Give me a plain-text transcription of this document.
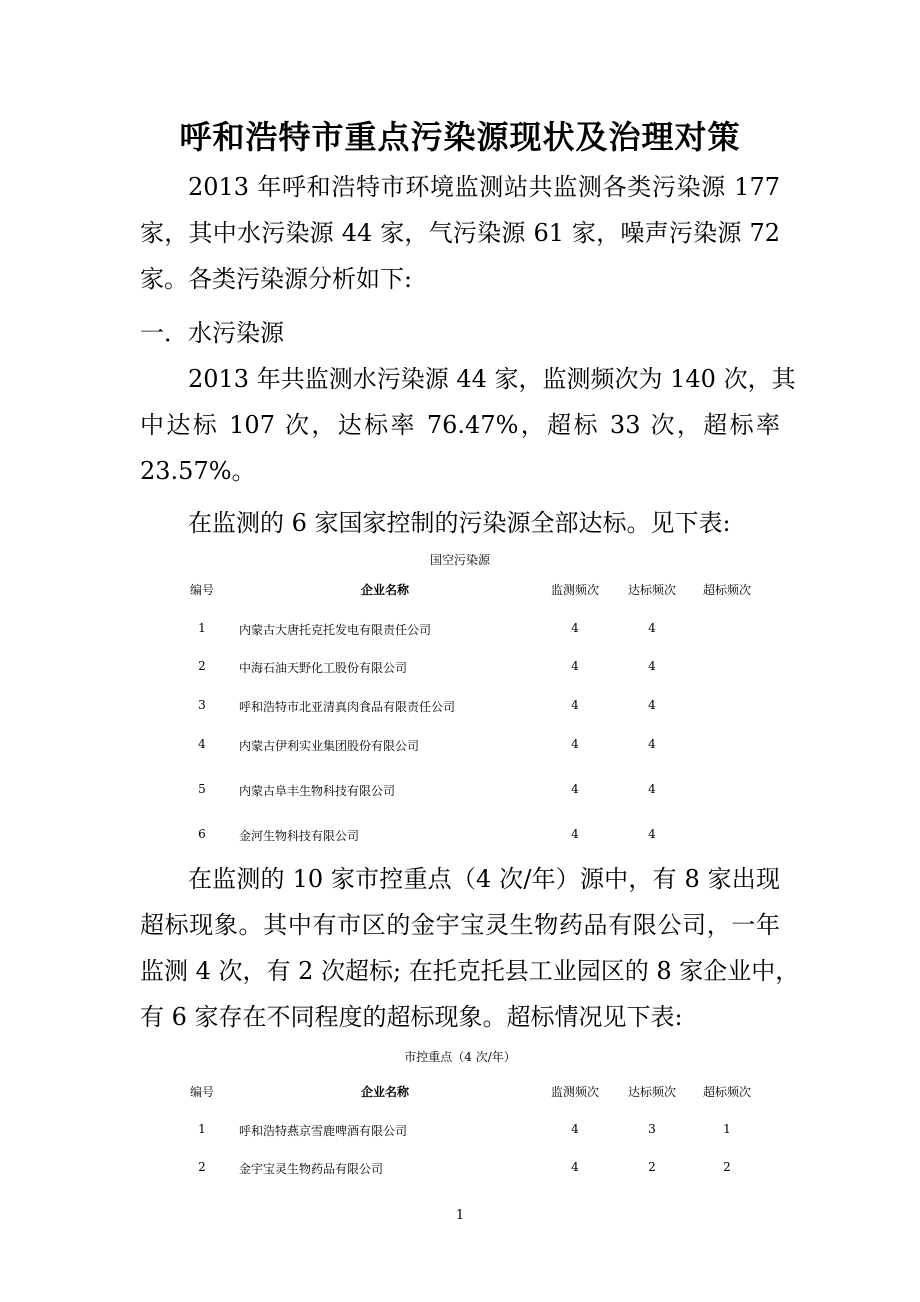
呼和浩特市重点污染源现状及治理对策
2013 年呼和浩特市环境监测站共监测各类污染源 177
家，其中水污染源 44 家，气污染源 61 家，噪声污染源 72
家。各类污染源分析如下:
一．水污染源
2013 年共监测水污染源 44 家，监测频次为 140 次，其
中达标 107 次，达标率 76.47%，超标 33 次，超标率
23.57%。
在监测的 6 家国家控制的污染源全部达标。见下表:
国空污染源
编号	企业名称	监测频次	达标频次	超标频次
1	内蒙古大唐托克托发电有限责任公司	4	4
2	中海石油天野化工股份有限公司	4	4
3	呼和浩特市北亚清真肉食品有限责任公司	4	4
4	内蒙古伊利实业集团股份有限公司	4	4
5	内蒙古阜丰生物科技有限公司	4	4
6	金河生物科技有限公司	4	4
在监测的 10 家市控重点（4 次/年）源中，有 8 家出现
超标现象。其中有市区的金宇宝灵生物药品有限公司，一年
监测 4 次，有 2 次超标; 在托克托县工业园区的 8 家企业中，
有 6 家存在不同程度的超标现象。超标情况见下表:
市控重点（4 次/年）
编号	企业名称	监测频次	达标频次	超标频次
1	呼和浩特燕京雪鹿啤酒有限公司	4	3	1
2	金宇宝灵生物药品有限公司	4	2	2
1
